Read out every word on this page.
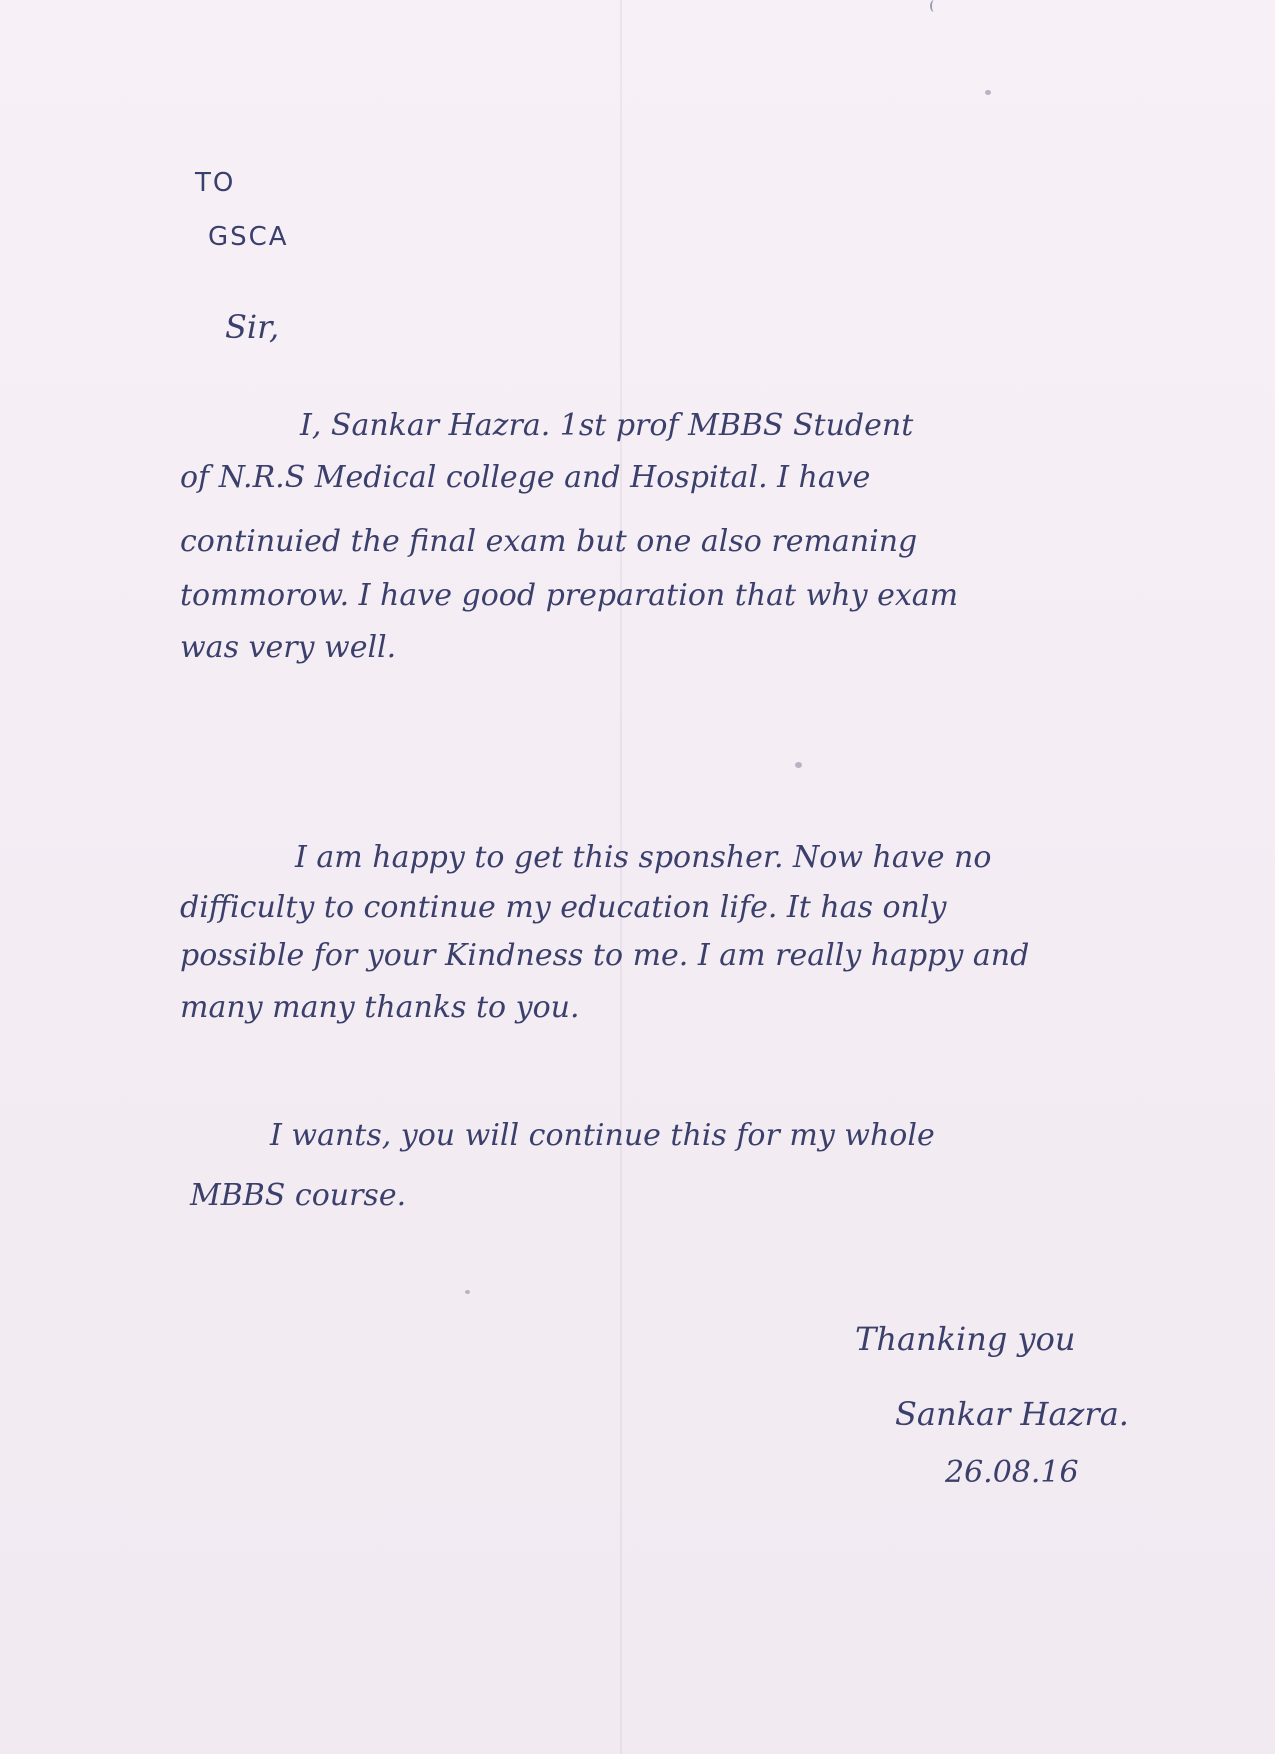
TO

GSCA

Sir,

I, Sankar Hazra. 1st prof MBBS Student

of N.R.S Medical college and Hospital. I have

continuied the final exam but one also remaning

tommorow. I have good preparation that why exam

was very well.

I am happy to get this sponsher. Now have no

difficulty to continue my education life. It has only

possible for your Kindness to me. I am really happy and

many many thanks to you.

I wants, you will continue this for my whole

MBBS course.

Thanking you

Sankar Hazra.

26.08.16
